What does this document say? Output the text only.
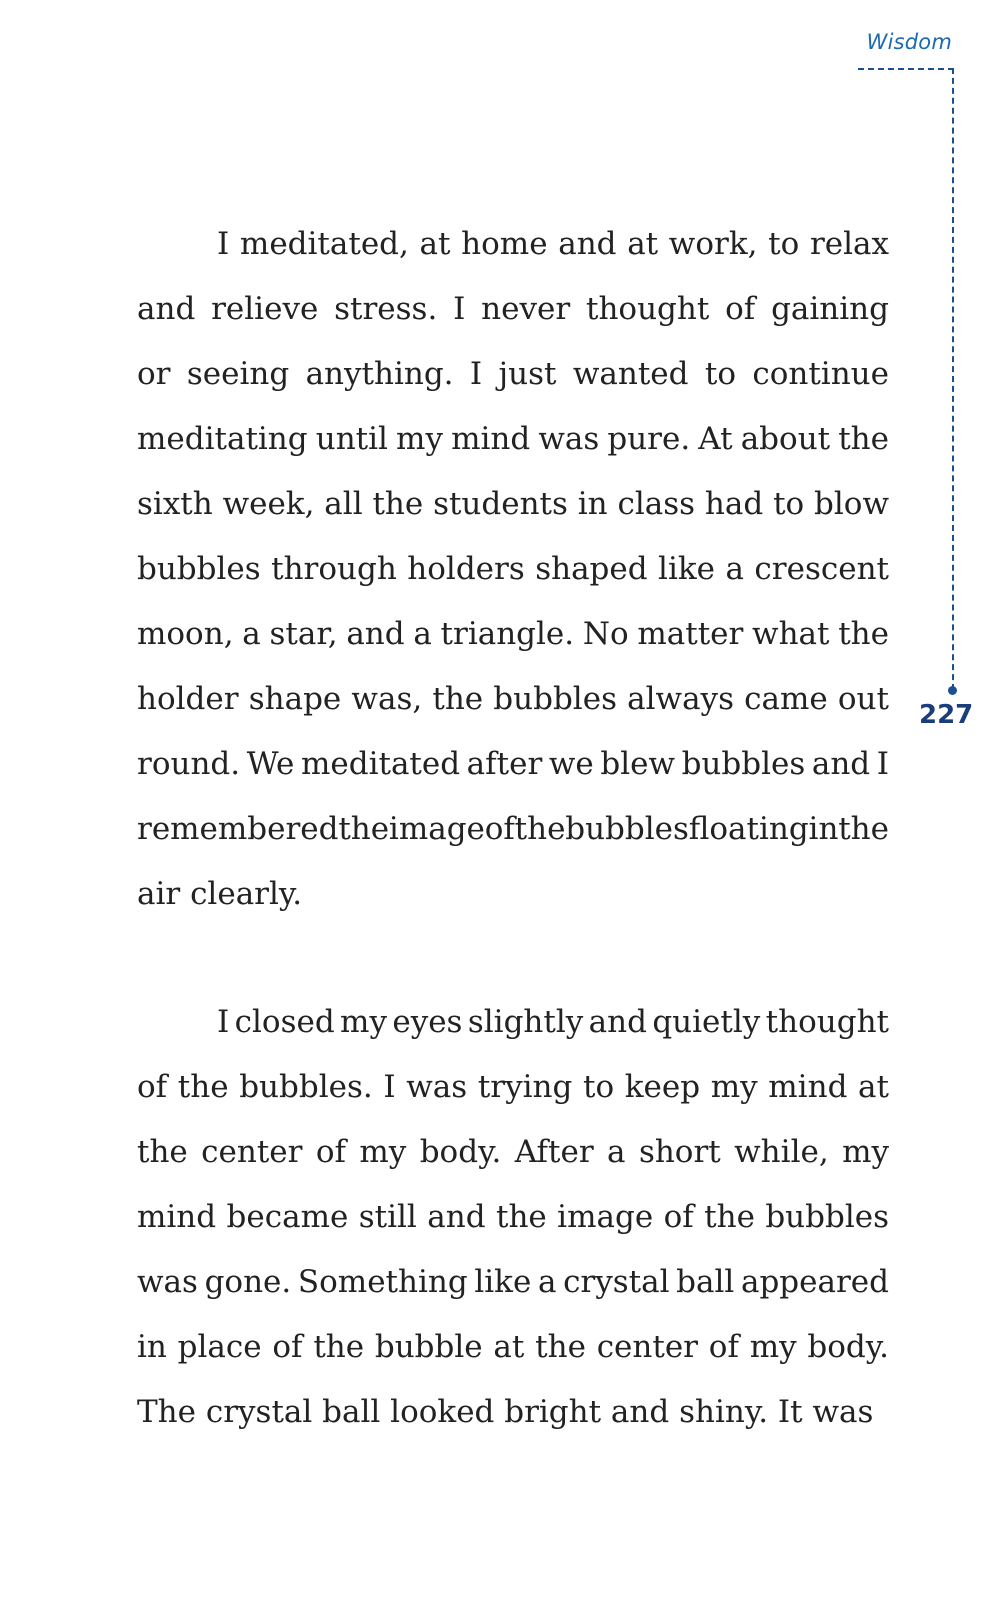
Wisdom
227
I meditated, at home and at work, to relax
and relieve stress. I never thought of gaining
or seeing anything. I just wanted to continue
meditating until my mind was pure. At about the
sixth week, all the students in class had to blow
bubbles through holders shaped like a crescent
moon, a star, and a triangle. No matter what the
holder shape was, the bubbles always came out
round. We meditated after we blew bubbles and I
remembered the image of the bubbles floating in the
air clearly.
I closed my eyes slightly and quietly thought
of the bubbles. I was trying to keep my mind at
the center of my body. After a short while, my
mind became still and the image of the bubbles
was gone. Something like a crystal ball appeared
in place of the bubble at the center of my body.
The crystal ball looked bright and shiny. It was
